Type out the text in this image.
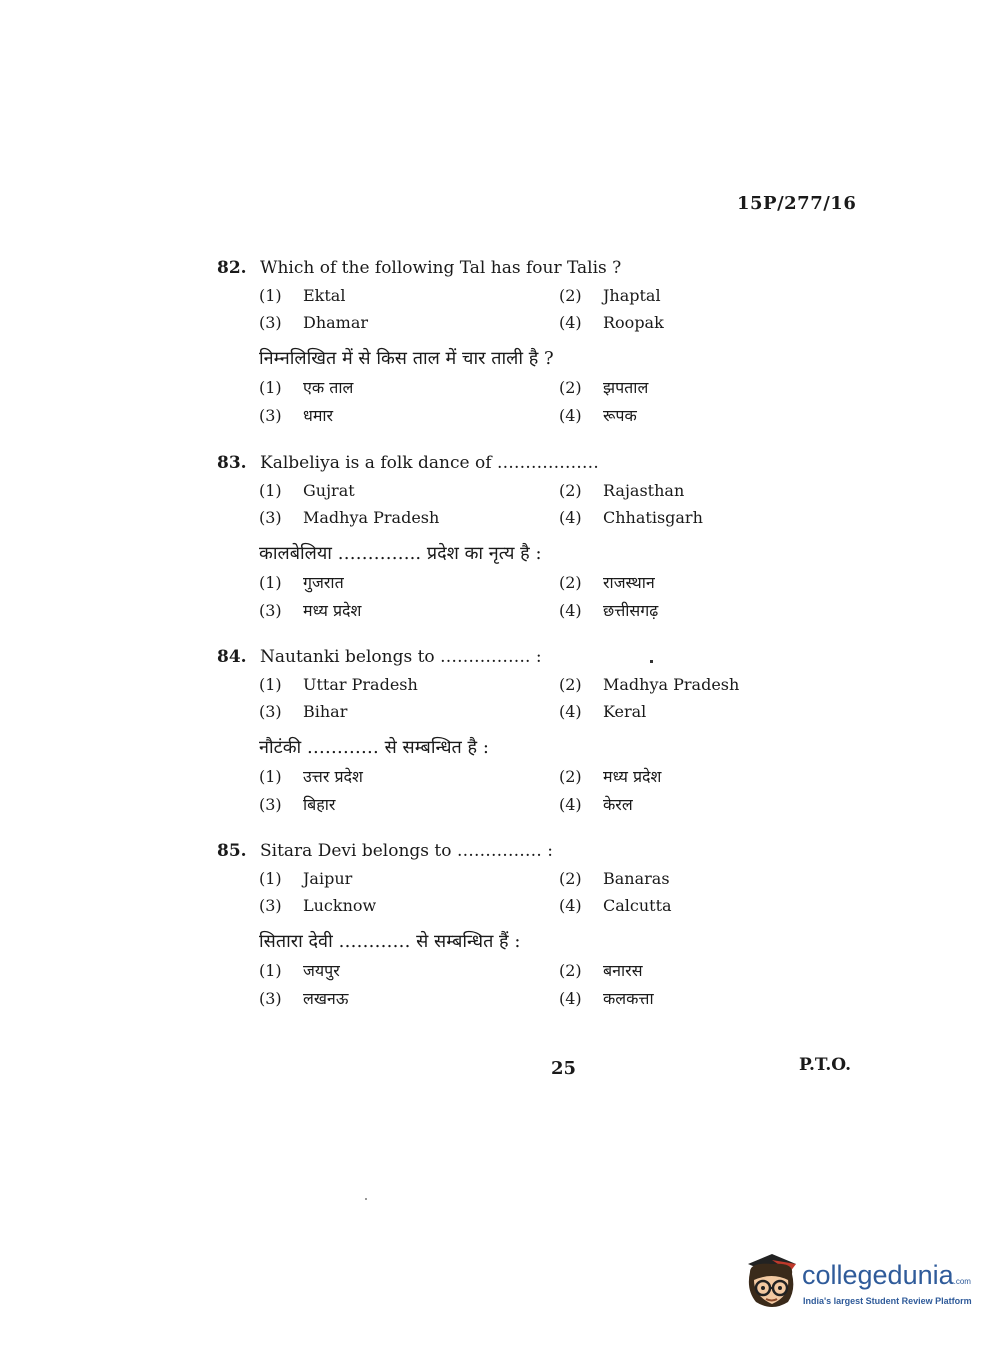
15P/277/16
82. Which of the following Tal has four Talis ?
(1) Ektal	(2) Jhaptal
(3) Dhamar	(4) Roopak
निम्नलिखित में से किस ताल में चार ताली है ?
(1) एक ताल	(2) झपताल
(3) धमार	(4) रूपक
83. Kalbeliya is a folk dance of ………………
(1) Gujrat	(2) Rajasthan
(3) Madhya Pradesh	(4) Chhatisgarh
कालबेलिया ………….. प्रदेश का नृत्य है :
(1) गुजरात	(2) राजस्थान
(3) मध्य प्रदेश	(4) छत्तीसगढ़
84. Nautanki belongs to ……………. :
(1) Uttar Pradesh	(2) Madhya Pradesh
(3) Bihar	(4) Keral
नौटंकी ………… से सम्बन्धित है :
(1) उत्तर प्रदेश	(2) मध्य प्रदेश
(3) बिहार	(4) केरल
85. Sitara Devi belongs to …………… :
(1) Jaipur	(2) Banaras
(3) Lucknow	(4) Calcutta
सितारा देवी ………… से सम्बन्धित हैं :
(1) जयपुर	(2) बनारस
(3) लखनऊ	(4) कलकत्ता
25	P.T.O.
collegedunia.com
India's largest Student Review Platform
